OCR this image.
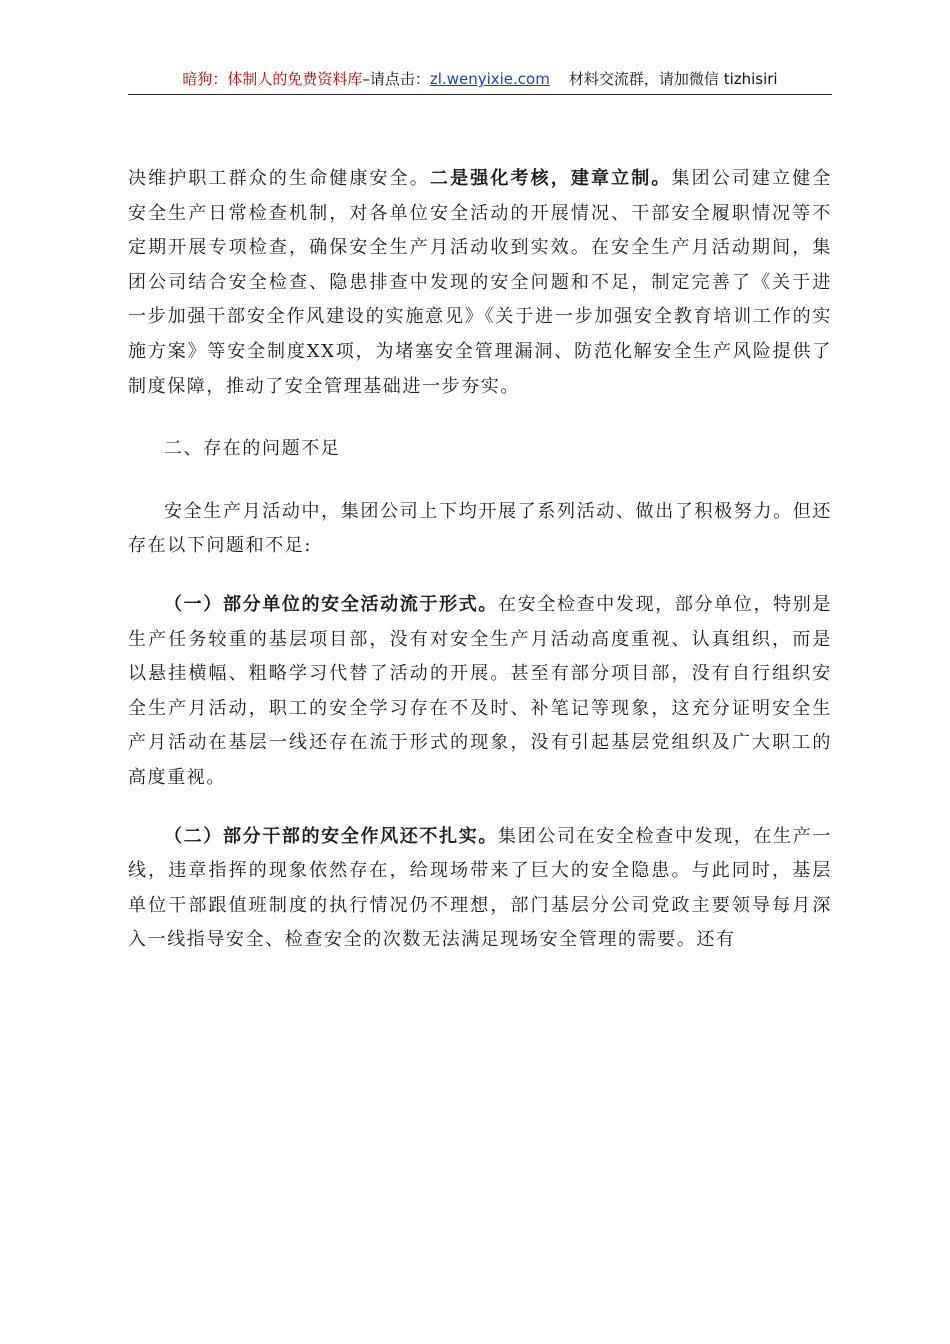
暗狗：体制人的免费资料库–请点击：zl.wenyixie.com 材料交流群，请加微信 tizhisiri

决维护职工群众的生命健康安全。二是强化考核，建章立制。集团公司建立健全安全生产日常检查机制，对各单位安全活动的开展情况、干部安全履职情况等不定期开展专项检查，确保安全生产月活动收到实效。在安全生产月活动期间，集团公司结合安全检查、隐患排查中发现的安全问题和不足，制定完善了《关于进一步加强干部安全作风建设的实施意见》《关于进一步加强安全教育培训工作的实施方案》等安全制度XX项，为堵塞安全管理漏洞、防范化解安全生产风险提供了制度保障，推动了安全管理基础进一步夯实。

二、存在的问题不足

安全生产月活动中，集团公司上下均开展了系列活动、做出了积极努力。但还存在以下问题和不足:

（一）部分单位的安全活动流于形式。在安全检查中发现，部分单位，特别是生产任务较重的基层项目部，没有对安全生产月活动高度重视、认真组织，而是以悬挂横幅、粗略学习代替了活动的开展。甚至有部分项目部，没有自行组织安全生产月活动，职工的安全学习存在不及时、补笔记等现象，这充分证明安全生产月活动在基层一线还存在流于形式的现象，没有引起基层党组织及广大职工的高度重视。

（二）部分干部的安全作风还不扎实。集团公司在安全检查中发现，在生产一线，违章指挥的现象依然存在，给现场带来了巨大的安全隐患。与此同时，基层单位干部跟值班制度的执行情况仍不理想，部门基层分公司党政主要领导每月深入一线指导安全、检查安全的次数无法满足现场安全管理的需要。还有
